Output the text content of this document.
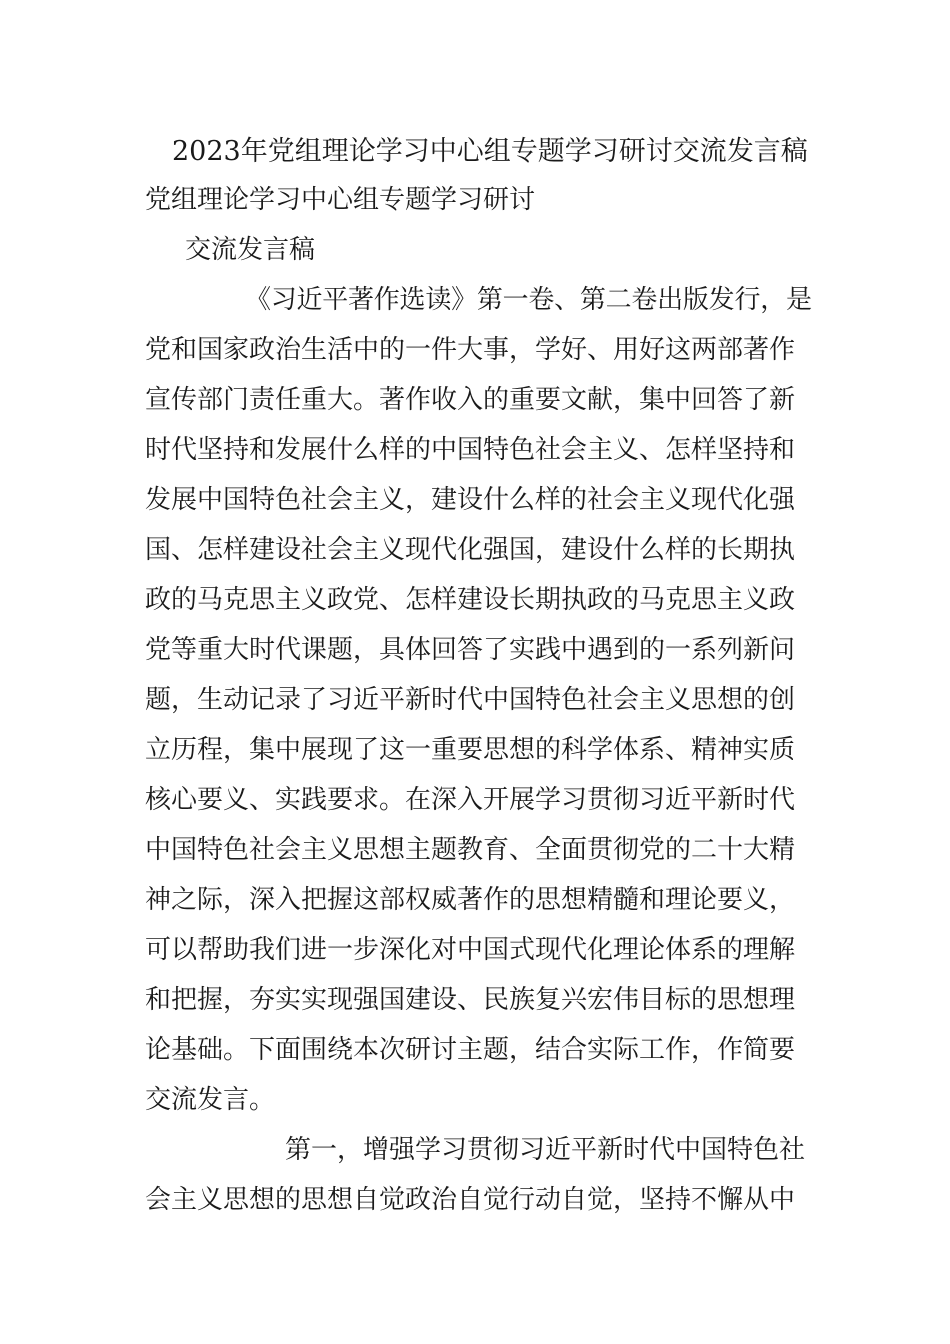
2023年党组理论学习中心组专题学习研讨交流发言稿
党组理论学习中心组专题学习研讨
交流发言稿
《习近平著作选读》第一卷、第二卷出版发行，是
党和国家政治生活中的一件大事，学好、用好这两部著作
宣传部门责任重大。著作收入的重要文献，集中回答了新
时代坚持和发展什么样的中国特色社会主义、怎样坚持和
发展中国特色社会主义，建设什么样的社会主义现代化强
国、怎样建设社会主义现代化强国，建设什么样的长期执
政的马克思主义政党、怎样建设长期执政的马克思主义政
党等重大时代课题，具体回答了实践中遇到的一系列新问
题，生动记录了习近平新时代中国特色社会主义思想的创
立历程，集中展现了这一重要思想的科学体系、精神实质
核心要义、实践要求。在深入开展学习贯彻习近平新时代
中国特色社会主义思想主题教育、全面贯彻党的二十大精
神之际，深入把握这部权威著作的思想精髓和理论要义，
可以帮助我们进一步深化对中国式现代化理论体系的理解
和把握，夯实实现强国建设、民族复兴宏伟目标的思想理
论基础。下面围绕本次研讨主题，结合实际工作，作简要
交流发言。
第一，增强学习贯彻习近平新时代中国特色社
会主义思想的思想自觉政治自觉行动自觉，坚持不懈从中
